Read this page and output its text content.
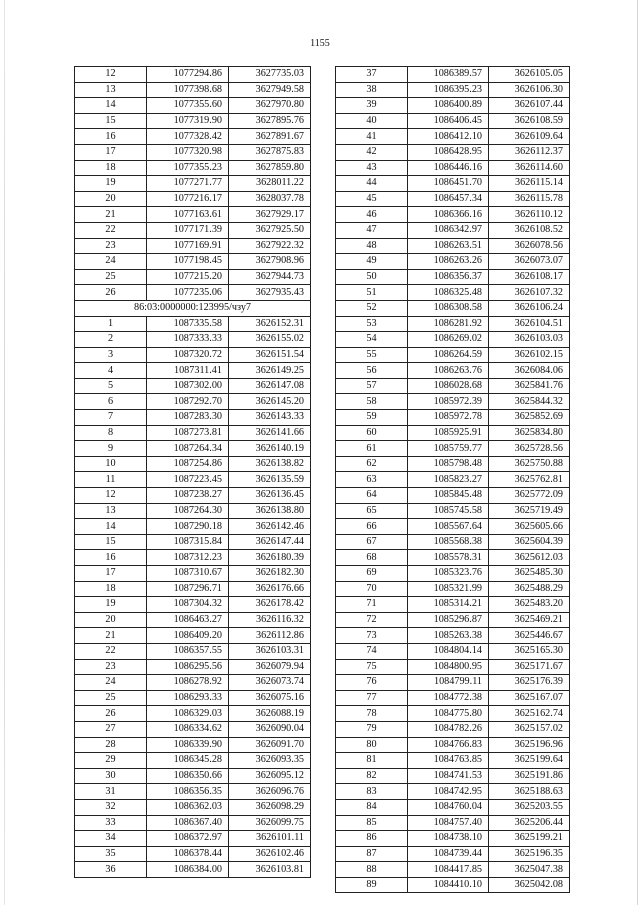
1155
12	1077294.86	3627735.03
13	1077398.68	3627949.58
14	1077355.60	3627970.80
15	1077319.90	3627895.76
16	1077328.42	3627891.67
17	1077320.98	3627875.83
18	1077355.23	3627859.80
19	1077271.77	3628011.22
20	1077216.17	3628037.78
21	1077163.61	3627929.17
22	1077171.39	3627925.50
23	1077169.91	3627922.32
24	1077198.45	3627908.96
25	1077215.20	3627944.73
26	1077235.06	3627935.43
86:03:0000000:123995/чзу7		
1	1087335.58	3626152.31
2	1087333.33	3626155.02
3	1087320.72	3626151.54
4	1087311.41	3626149.25
5	1087302.00	3626147.08
6	1087292.70	3626145.20
7	1087283.30	3626143.33
8	1087273.81	3626141.66
9	1087264.34	3626140.19
10	1087254.86	3626138.82
11	1087223.45	3626135.59
12	1087238.27	3626136.45
13	1087264.30	3626138.80
14	1087290.18	3626142.46
15	1087315.84	3626147.44
16	1087312.23	3626180.39
17	1087310.67	3626182.30
18	1087296.71	3626176.66
19	1087304.32	3626178.42
20	1086463.27	3626116.32
21	1086409.20	3626112.86
22	1086357.55	3626103.31
23	1086295.56	3626079.94
24	1086278.92	3626073.74
25	1086293.33	3626075.16
26	1086329.03	3626088.19
27	1086334.62	3626090.04
28	1086339.90	3626091.70
29	1086345.28	3626093.35
30	1086350.66	3626095.12
31	1086356.35	3626096.76
32	1086362.03	3626098.29
33	1086367.40	3626099.75
34	1086372.97	3626101.11
35	1086378.44	3626102.46
36	1086384.00	3626103.81
37	1086389.57	3626105.05
38	1086395.23	3626106.30
39	1086400.89	3626107.44
40	1086406.45	3626108.59
41	1086412.10	3626109.64
42	1086428.95	3626112.37
43	1086446.16	3626114.60
44	1086451.70	3626115.14
45	1086457.34	3626115.78
46	1086366.16	3626110.12
47	1086342.97	3626108.52
48	1086263.51	3626078.56
49	1086263.26	3626073.07
50	1086356.37	3626108.17
51	1086325.48	3626107.32
52	1086308.58	3626106.24
53	1086281.92	3626104.51
54	1086269.02	3626103.03
55	1086264.59	3626102.15
56	1086263.76	3626084.06
57	1086028.68	3625841.76
58	1085972.39	3625844.32
59	1085972.78	3625852.69
60	1085925.91	3625834.80
61	1085759.77	3625728.56
62	1085798.48	3625750.88
63	1085823.27	3625762.81
64	1085845.48	3625772.09
65	1085745.58	3625719.49
66	1085567.64	3625605.66
67	1085568.38	3625604.39
68	1085578.31	3625612.03
69	1085323.76	3625485.30
70	1085321.99	3625488.29
71	1085314.21	3625483.20
72	1085296.87	3625469.21
73	1085263.38	3625446.67
74	1084804.14	3625165.30
75	1084800.95	3625171.67
76	1084799.11	3625176.39
77	1084772.38	3625167.07
78	1084775.80	3625162.74
79	1084782.26	3625157.02
80	1084766.83	3625196.96
81	1084763.85	3625199.64
82	1084741.53	3625191.86
83	1084742.95	3625188.63
84	1084760.04	3625203.55
85	1084757.40	3625206.44
86	1084738.10	3625199.21
87	1084739.44	3625196.35
88	1084417.85	3625047.38
89	1084410.10	3625042.08
